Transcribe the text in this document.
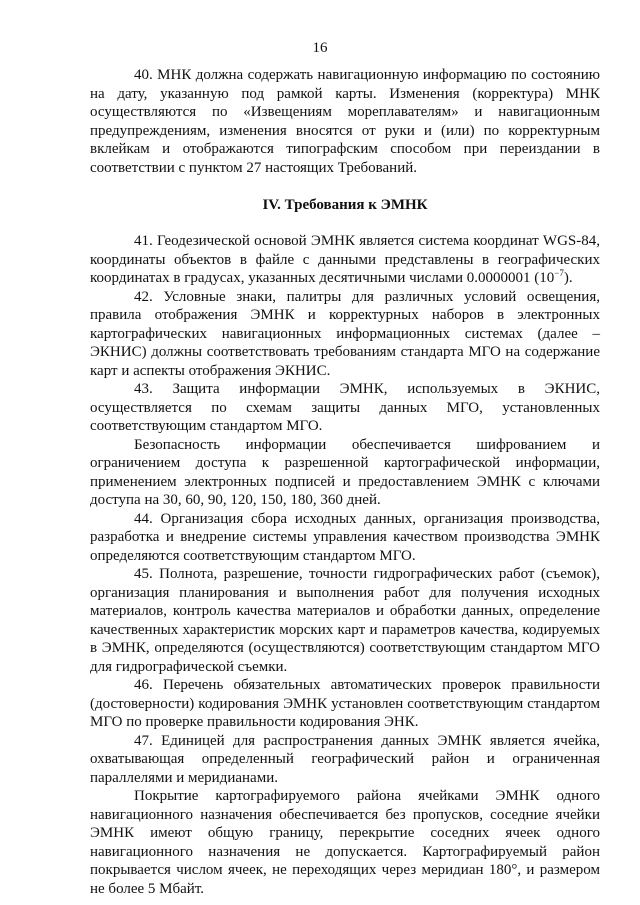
16

40. МНК должна содержать навигационную информацию по состоянию на дату, указанную под рамкой карты. Изменения (корректура) МНК осуществляются по «Извещениям мореплавателям» и навигационным предупреждениям, изменения вносятся от руки и (или) по корректурным вклейкам и отображаются типографским способом при переиздании в соответствии с пунктом 27 настоящих Требований.

IV. Требования к ЭМНК

41. Геодезической основой ЭМНК является система координат WGS-84, координаты объектов в файле с данными представлены в географических координатах в градусах, указанных десятичными числами 0.0000001 $(10^{-7})$.

42. Условные знаки, палитры для различных условий освещения, правила отображения ЭМНК и корректурных наборов в электронных картографических навигационных информационных системах (далее – ЭКНИС) должны соответствовать требованиям стандарта МГО на содержание карт и аспекты отображения ЭКНИС.

43. Защита информации ЭМНК, используемых в ЭКНИС, осуществляется по схемам защиты данных МГО, установленных соответствующим стандартом МГО.

Безопасность информации обеспечивается шифрованием и ограничением доступа к разрешенной картографической информации, применением электронных подписей и предоставлением ЭМНК с ключами доступа на 30, 60, 90, 120, 150, 180, 360 дней.

44. Организация сбора исходных данных, организация производства, разработка и внедрение системы управления качеством производства ЭМНК определяются соответствующим стандартом МГО.

45. Полнота, разрешение, точности гидрографических работ (съемок), организация планирования и выполнения работ для получения исходных материалов, контроль качества материалов и обработки данных, определение качественных характеристик морских карт и параметров качества, кодируемых в ЭМНК, определяются (осуществляются) соответствующим стандартом МГО для гидрографической съемки.

46. Перечень обязательных автоматических проверок правильности (достоверности) кодирования ЭМНК установлен соответствующим стандартом МГО по проверке правильности кодирования ЭНК.

47. Единицей для распространения данных ЭМНК является ячейка, охватывающая определенный географический район и ограниченная параллелями и меридианами.

Покрытие картографируемого района ячейками ЭМНК одного навигационного назначения обеспечивается без пропусков, соседние ячейки ЭМНК имеют общую границу, перекрытие соседних ячеек одного навигационного назначения не допускается. Картографируемый район покрывается числом ячеек, не переходящих через меридиан 180°, и размером не более 5 Мбайт.
